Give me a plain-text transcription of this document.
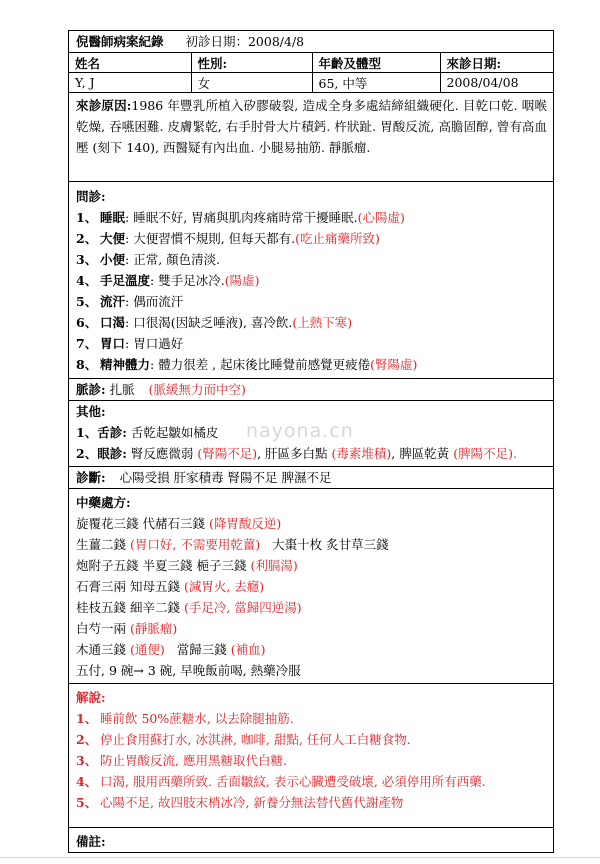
倪醫師病案紀錄 初診日期：2008/4/8
姓名	性別:	年齡及體型	來診日期:
Y, J	女	65, 中等	2008/04/08
來診原因:1986 年豐乳所植入矽膠破裂, 造成全身多處結締組織硬化. 目乾口乾. 咽喉乾燥, 吞嚥困難. 皮膚緊乾, 右手肘骨大片積鈣. 杵狀趾. 胃酸反流, 高膽固醇, 曾有高血壓 (刻下 140), 西醫疑有內出血. 小腿易抽筋. 靜脈瘤.
問診:
1、 睡眠: 睡眠不好, 胃痛與肌肉疼痛時常干擾睡眠.(心陽虛)
2、 大便: 大便習慣不規則, 但每天都有.(吃止痛藥所致)
3、 小便: 正常, 顏色清淡.
4、 手足溫度: 雙手足冰冷.(陽虛)
5、 流汗: 偶而流汗
6、 口渴: 口很渴(因缺乏唾液), 喜冷飲.(上熱下寒)
7、 胃口: 胃口過好
8、 精神體力: 體力很差 , 起床後比睡覺前感覺更疲倦(腎陽虛)
脈診: 扎脈 (脈緩無力而中空)
其他:
1、舌診: 舌乾起皺如橘皮
2、眼診: 腎反應微弱 (腎陽不足), 肝區多白點 (毒素堆積), 脾區乾黃 (脾陽不足).
診斷: 心陽受損 肝家積毒 腎陽不足 脾濕不足
中藥處方:
旋覆花三錢 代赭石三錢 (降胃酸反逆)
生薑二錢 (胃口好, 不需要用乾薑) 大棗十枚 炙甘草三錢
炮附子五錢 半夏三錢 梔子三錢 (利膈湯)
石膏三兩 知母五錢 (減胃火, 去癮)
桂枝五錢 細辛二錢 (手足冷, 當歸四逆湯)
白芍一兩 (靜脈瘤)
木通三錢 (通便) 當歸三錢 (補血)
五付, 9 碗→ 3 碗, 早晚飯前喝, 熱藥冷服
解說:
1、 睡前飲 50%蔗糖水, 以去除腿抽筋.
2、 停止食用蘇打水, 冰淇淋, 咖啡, 甜點, 任何人工白糖食物.
3、 防止胃酸反流, 應用黑糖取代白糖.
4、 口渴, 服用西藥所致. 舌面皺紋, 表示心臟遭受破壞, 必須停用所有西藥.
5、 心陽不足, 故四肢末梢冰冷, 新養分無法替代舊代謝產物
備註:
nayona.cn
